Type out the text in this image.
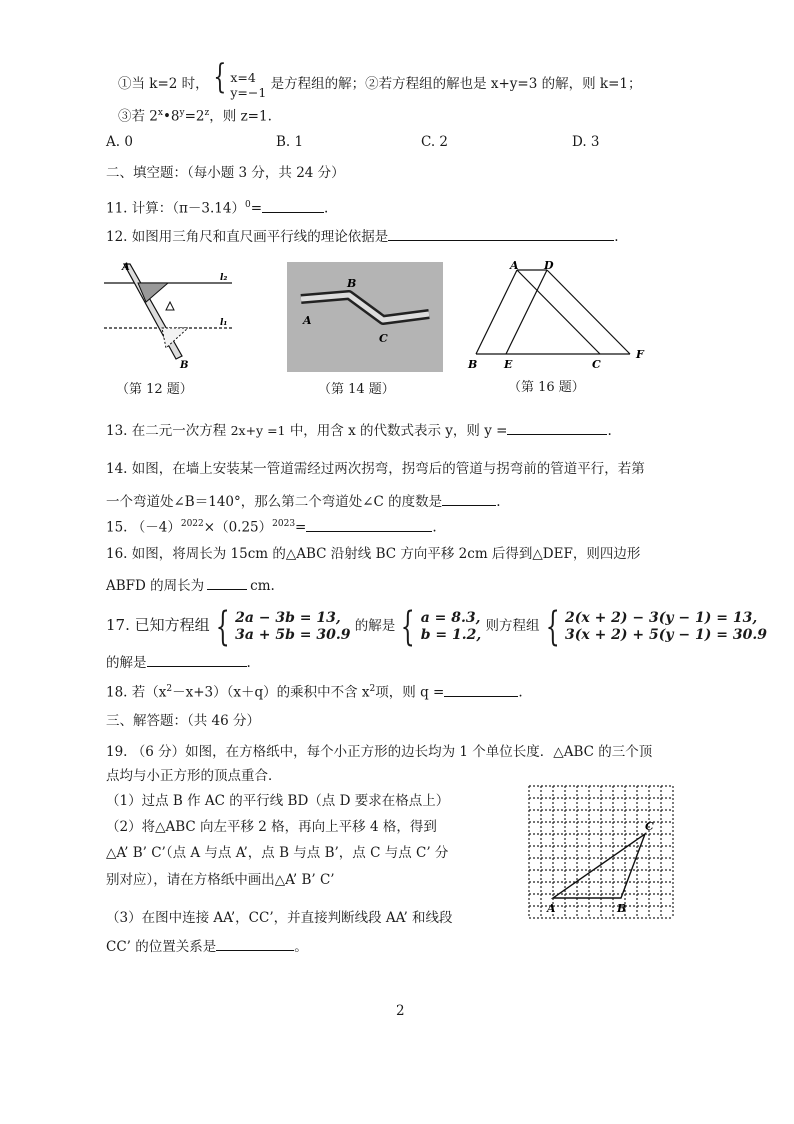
①当 k=2 时， { x=4
y=−1 是方程组的解；②若方程组的解也是 x+y=3 的解，则 k=1；
③若 $2^x•8^y=2^z$，则 z=1.
A. 0	B. 1	C. 2	D. 3
二、填空题：（每小题 3 分，共 24 分）
11. 计算：$(\pi-3.14)^0=$	.
12. 如图用三角尺和直尺画平行线的理论依据是	.
A
B
l₂
l₁
（第 12 题）
A
B
C
（第 14 题）
A D
B E	C
F
（第 16 题）
13. 在二元一次方程 2x+y =1 中，用含 x 的代数式表示 y，则 y =	.
14. 如图，在墙上安装某一管道需经过两次拐弯，拐弯后的管道与拐弯前的管道平行，若第
一个弯道处∠B＝140°，那么第二个弯道处∠C 的度数是	.
15. $(-4)^{2022}\times(0.25)^{2023}=$	.
16. 如图，将周长为 15cm 的△ABC 沿射线 BC 方向平移 2cm 后得到△DEF，则四边形
ABFD 的周长为	cm.
17. 已知方程组 { 2a − 3b = 13,
3a + 5b = 30.9 的解是 { a = 8.3,
b = 1.2, 则方程组 { 2(x + 2) − 3(y − 1) = 13,
3(x + 2) + 5(y − 1) = 30.9
的解是	.
18. 若$(x^2-x+3)(x+q)$的乘积中不含 $x^2$项，则 q =	.
三、解答题：（共 46 分）
19. （6 分）如图，在方格纸中，每个小正方形的边长均为 1 个单位长度．△ABC 的三个顶
点均与小正方形的顶点重合．
（1）过点 B 作 AC 的平行线 BD（点 D 要求在格点上）
（2）将△ABC 向左平移 2 格，再向上平移 4 格，得到
△A’ B’ C’（点 A 与点 A’，点 B 与点 B’，点 C 与点 C’ 分
别对应），请在方格纸中画出△A’ B’ C’
（3）在图中连接 AA’，CC’，并直接判断线段 AA’ 和线段
CC’ 的位置关系是	。
A	B
C
2
